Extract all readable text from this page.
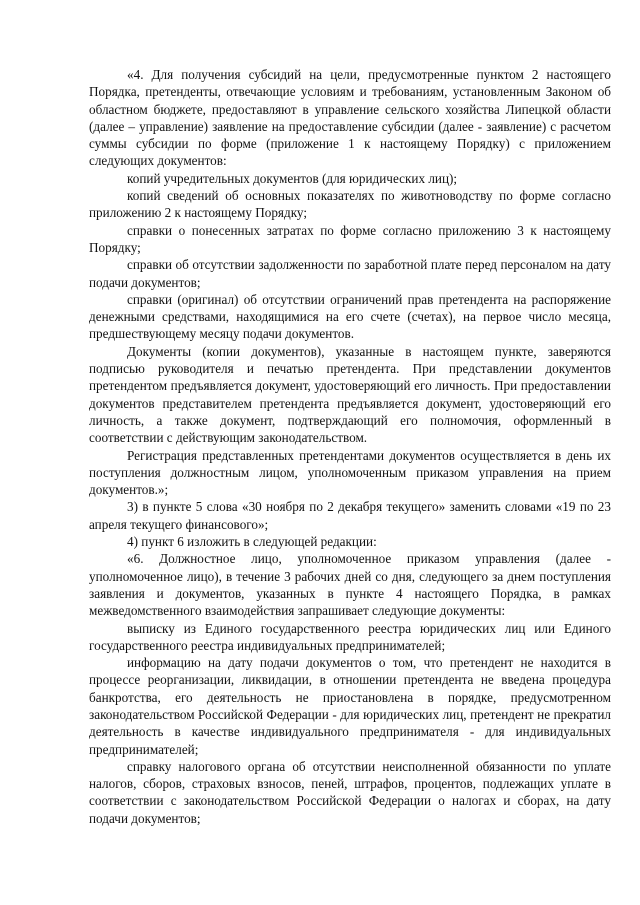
«4. Для получения субсидий на цели, предусмотренные пунктом 2 настоящего Порядка, претенденты, отвечающие условиям и требованиям, установленным Законом об областном бюджете, предоставляют в управление сельского хозяйства Липецкой области (далее – управление) заявление на предоставление субсидии (далее - заявление) с расчетом суммы субсидии по форме (приложение 1 к настоящему Порядку) с приложением следующих документов:

копий учредительных документов (для юридических лиц);

копий сведений об основных показателях по животноводству по форме согласно приложению 2 к настоящему Порядку;

справки о понесенных затратах по форме согласно приложению 3 к настоящему Порядку;

справки об отсутствии задолженности по заработной плате перед персоналом на дату подачи документов;

справки (оригинал) об отсутствии ограничений прав претендента на распоряжение денежными средствами, находящимися на его счете (счетах), на первое число месяца, предшествующему месяцу подачи документов.

Документы (копии документов), указанные в настоящем пункте, заверяются подписью руководителя и печатью претендента. При представлении документов претендентом предъявляется документ, удостоверяющий его личность. При предоставлении документов представителем претендента предъявляется документ, удостоверяющий его личность, а также документ, подтверждающий его полномочия, оформленный в соответствии с действующим законодательством.

Регистрация представленных претендентами документов осуществляется в день их поступления должностным лицом, уполномоченным приказом управления на прием документов.»;

3) в пункте 5 слова «30 ноября по 2 декабря текущего» заменить словами «19 по 23 апреля текущего финансового»;

4) пункт 6 изложить в следующей редакции:

«6. Должностное лицо, уполномоченное приказом управления (далее - уполномоченное лицо), в течение 3 рабочих дней со дня, следующего за днем поступления заявления и документов, указанных в пункте 4 настоящего Порядка, в рамках межведомственного взаимодействия запрашивает следующие документы:

выписку из Единого государственного реестра юридических лиц или Единого государственного реестра индивидуальных предпринимателей;

информацию на дату подачи документов о том, что претендент не находится в процессе реорганизации, ликвидации, в отношении претендента не введена процедура банкротства, его деятельность не приостановлена в порядке, предусмотренном законодательством Российской Федерации - для юридических лиц, претендент не прекратил деятельность в качестве индивидуального предпринимателя - для индивидуальных предпринимателей;

справку налогового органа об отсутствии неисполненной обязанности по уплате налогов, сборов, страховых взносов, пеней, штрафов, процентов, подлежащих уплате в соответствии с законодательством Российской Федерации о налогах и сборах, на дату подачи документов;
